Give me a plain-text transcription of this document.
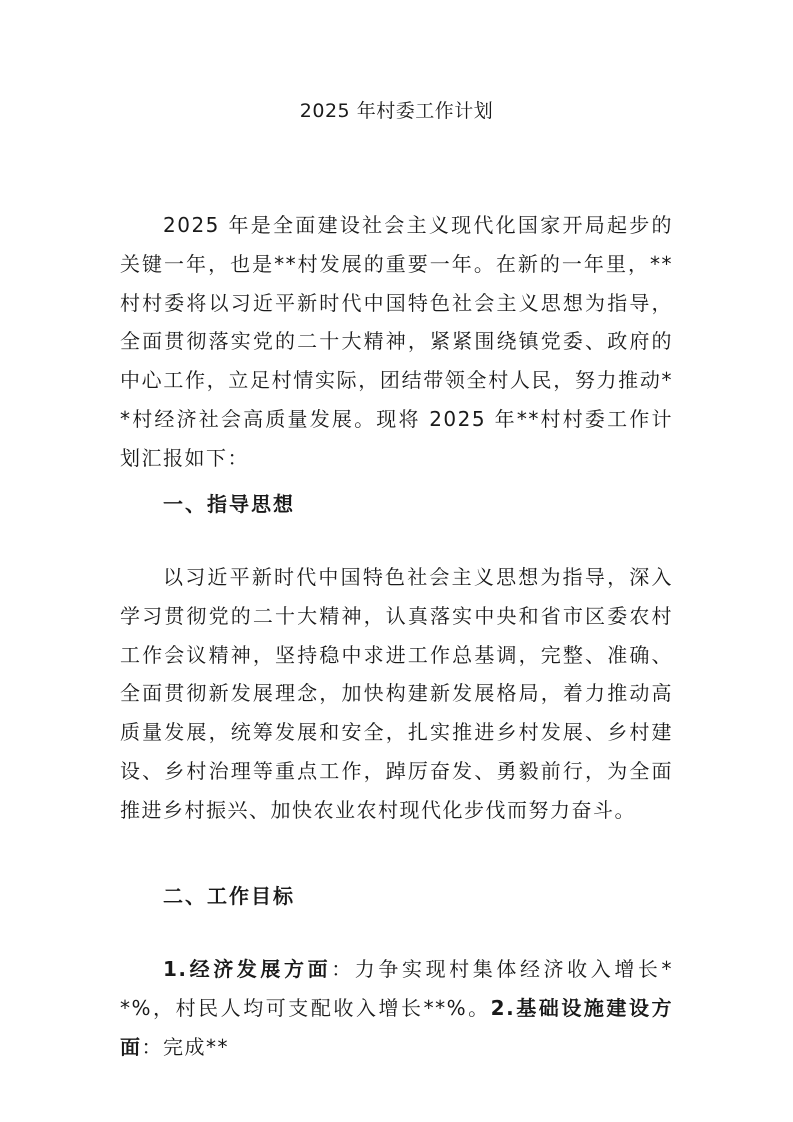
2025 年村委工作计划

2025 年是全面建设社会主义现代化国家开局起步的关键一年，也是**村发展的重要一年。在新的一年里，**村村委将以习近平新时代中国特色社会主义思想为指导，全面贯彻落实党的二十大精神，紧紧围绕镇党委、政府的中心工作，立足村情实际，团结带领全村人民，努力推动**村经济社会高质量发展。现将 2025 年**村村委工作计划汇报如下：

一、指导思想

以习近平新时代中国特色社会主义思想为指导，深入学习贯彻党的二十大精神，认真落实中央和省市区委农村工作会议精神，坚持稳中求进工作总基调，完整、准确、全面贯彻新发展理念，加快构建新发展格局，着力推动高质量发展，统筹发展和安全，扎实推进乡村发展、乡村建设、乡村治理等重点工作，踔厉奋发、勇毅前行，为全面推进乡村振兴、加快农业农村现代化步伐而努力奋斗。

二、工作目标

1.经济发展方面：力争实现村集体经济收入增长**%，村民人均可支配收入增长**%。2.基础设施建设方面：完成**
